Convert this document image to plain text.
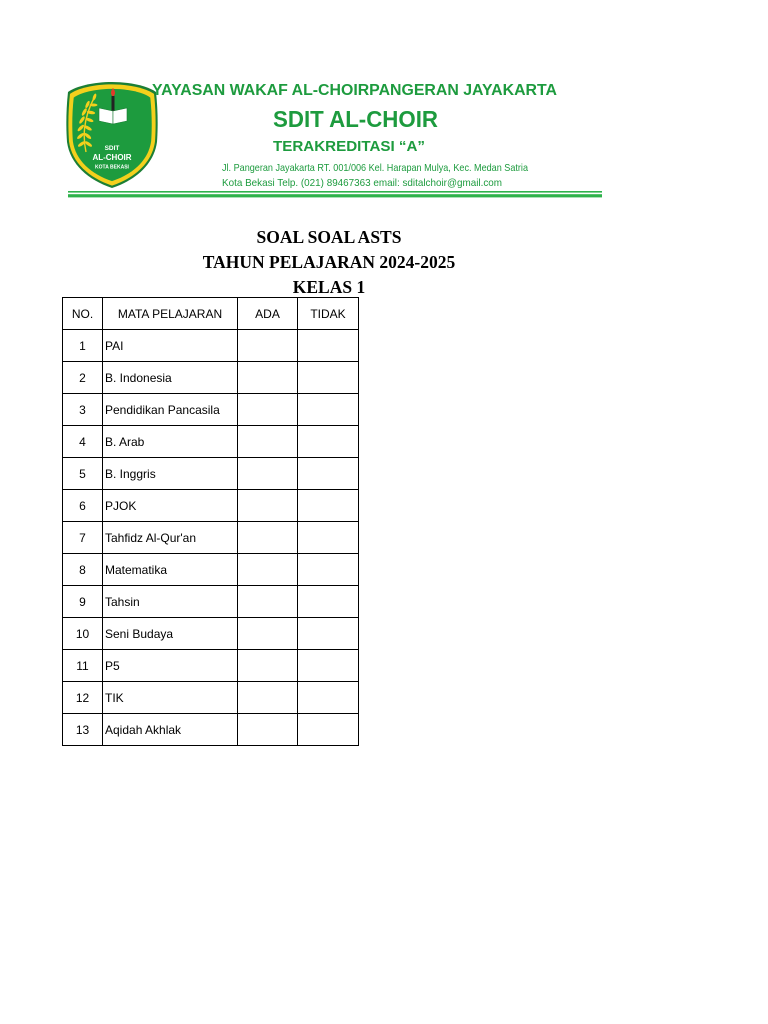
SDIT
AL-CHOIR
KOTA BEKASI
YAYASAN WAKAF AL-CHOIRPANGERAN JAYAKARTA
SDIT AL-CHOIR
TERAKREDITASI “A”
Jl. Pangeran Jayakarta RT. 001/006 Kel. Harapan Mulya, Kec. Medan Satria
Kota Bekasi Telp. (021) 89467363 email: sditalchoir@gmail.com
SOAL SOAL ASTS
TAHUN PELAJARAN 2024-2025
KELAS 1
NO.	MATA PELAJARAN	ADA	TIDAK
1	PAI		
2	B. Indonesia		
3	Pendidikan Pancasila		
4	B. Arab		
5	B. Inggris		
6	PJOK		
7	Tahfidz Al-Qur'an		
8	Matematika		
9	Tahsin		
10	Seni Budaya		
11	P5		
12	TIK		
13	Aqidah Akhlak		
